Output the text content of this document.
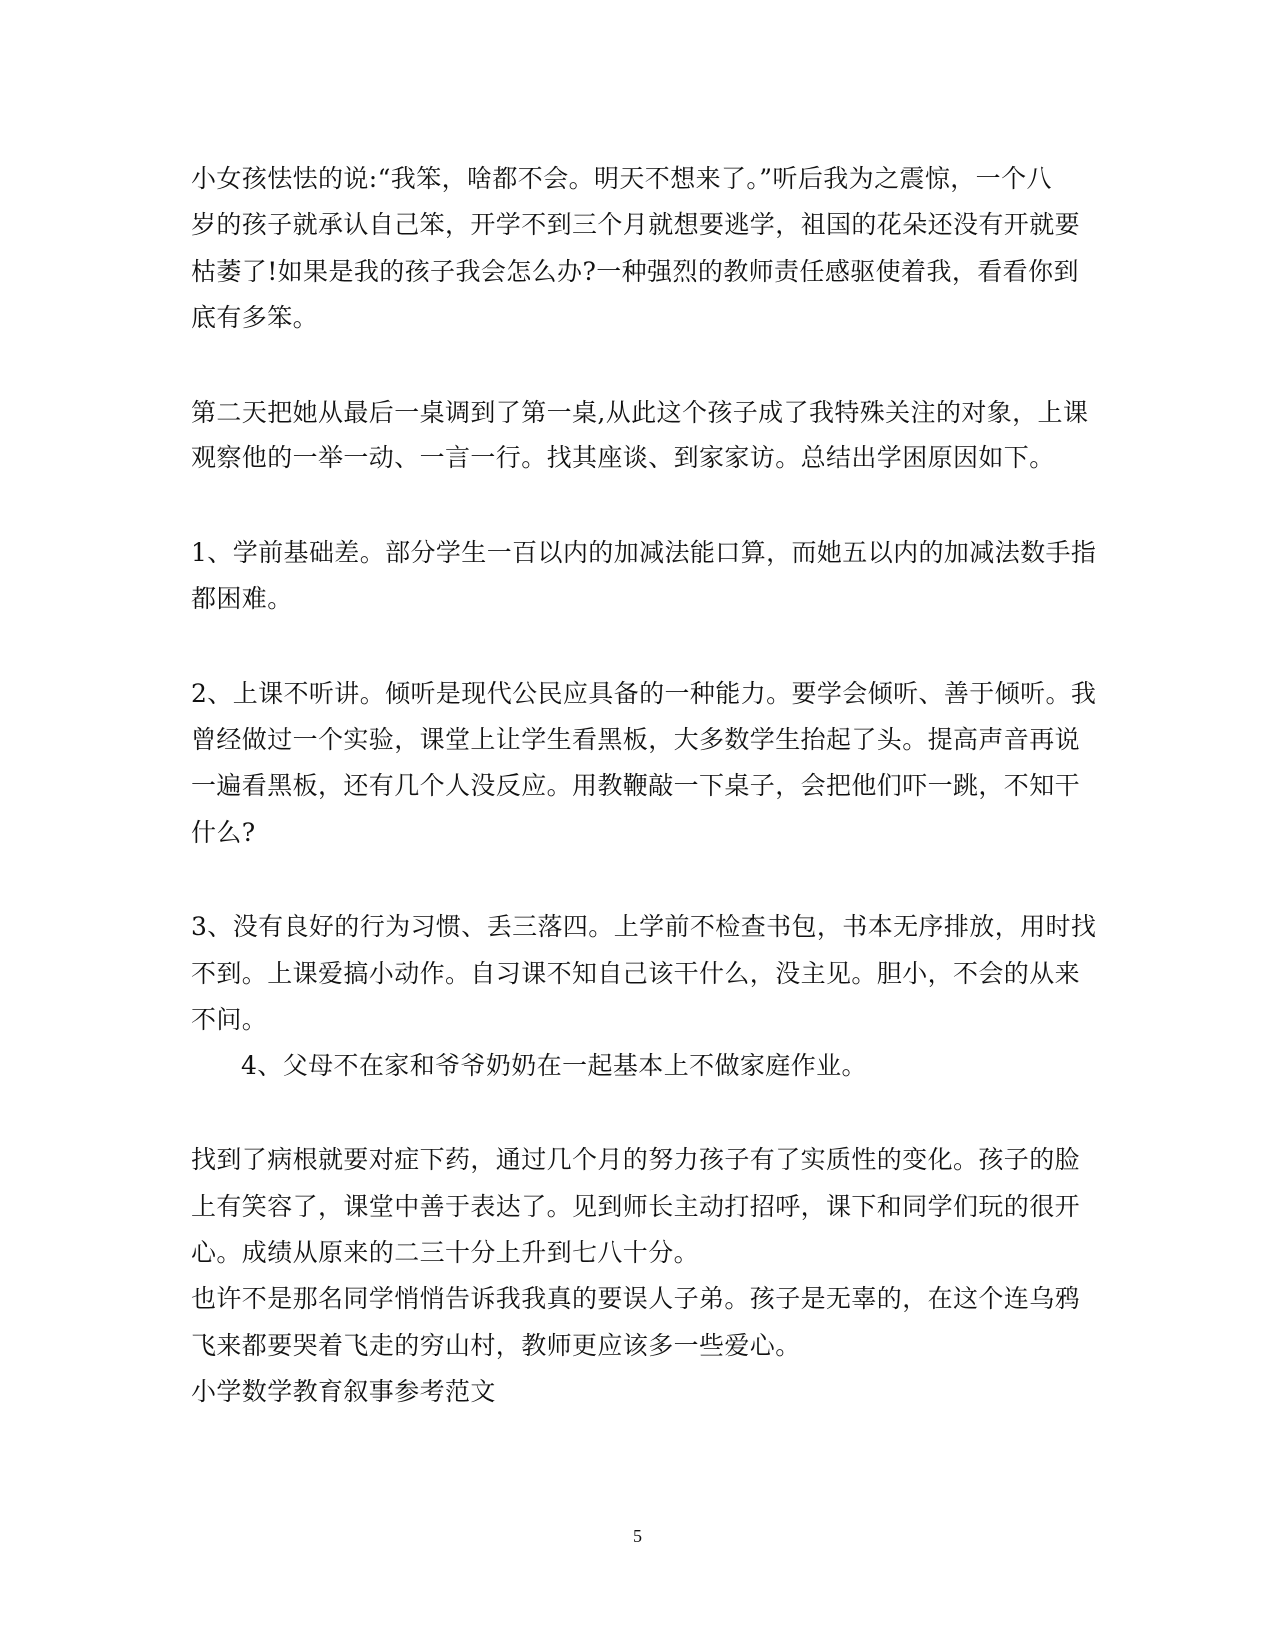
小女孩怯怯的说:“我笨，啥都不会。明天不想来了。”听后我为之震惊，一个八
岁的孩子就承认自己笨，开学不到三个月就想要逃学，祖国的花朵还没有开就要
枯萎了!如果是我的孩子我会怎么办?一种强烈的教师责任感驱使着我，看看你到
底有多笨。
第二天把她从最后一桌调到了第一桌,从此这个孩子成了我特殊关注的对象，上课
观察他的一举一动、一言一行。找其座谈、到家家访。总结出学困原因如下。
1、学前基础差。部分学生一百以内的加减法能口算，而她五以内的加减法数手指
都困难。
2、上课不听讲。倾听是现代公民应具备的一种能力。要学会倾听、善于倾听。我
曾经做过一个实验，课堂上让学生看黑板，大多数学生抬起了头。提高声音再说
一遍看黑板，还有几个人没反应。用教鞭敲一下桌子，会把他们吓一跳，不知干
什么?
3、没有良好的行为习惯、丢三落四。上学前不检查书包，书本无序排放，用时找
不到。上课爱搞小动作。自习课不知自己该干什么，没主见。胆小，不会的从来
不问。
4、父母不在家和爷爷奶奶在一起基本上不做家庭作业。
找到了病根就要对症下药，通过几个月的努力孩子有了实质性的变化。孩子的脸
上有笑容了，课堂中善于表达了。见到师长主动打招呼，课下和同学们玩的很开
心。成绩从原来的二三十分上升到七八十分。
也许不是那名同学悄悄告诉我我真的要误人子弟。孩子是无辜的，在这个连乌鸦
飞来都要哭着飞走的穷山村，教师更应该多一些爱心。
小学数学教育叙事参考范文
5
